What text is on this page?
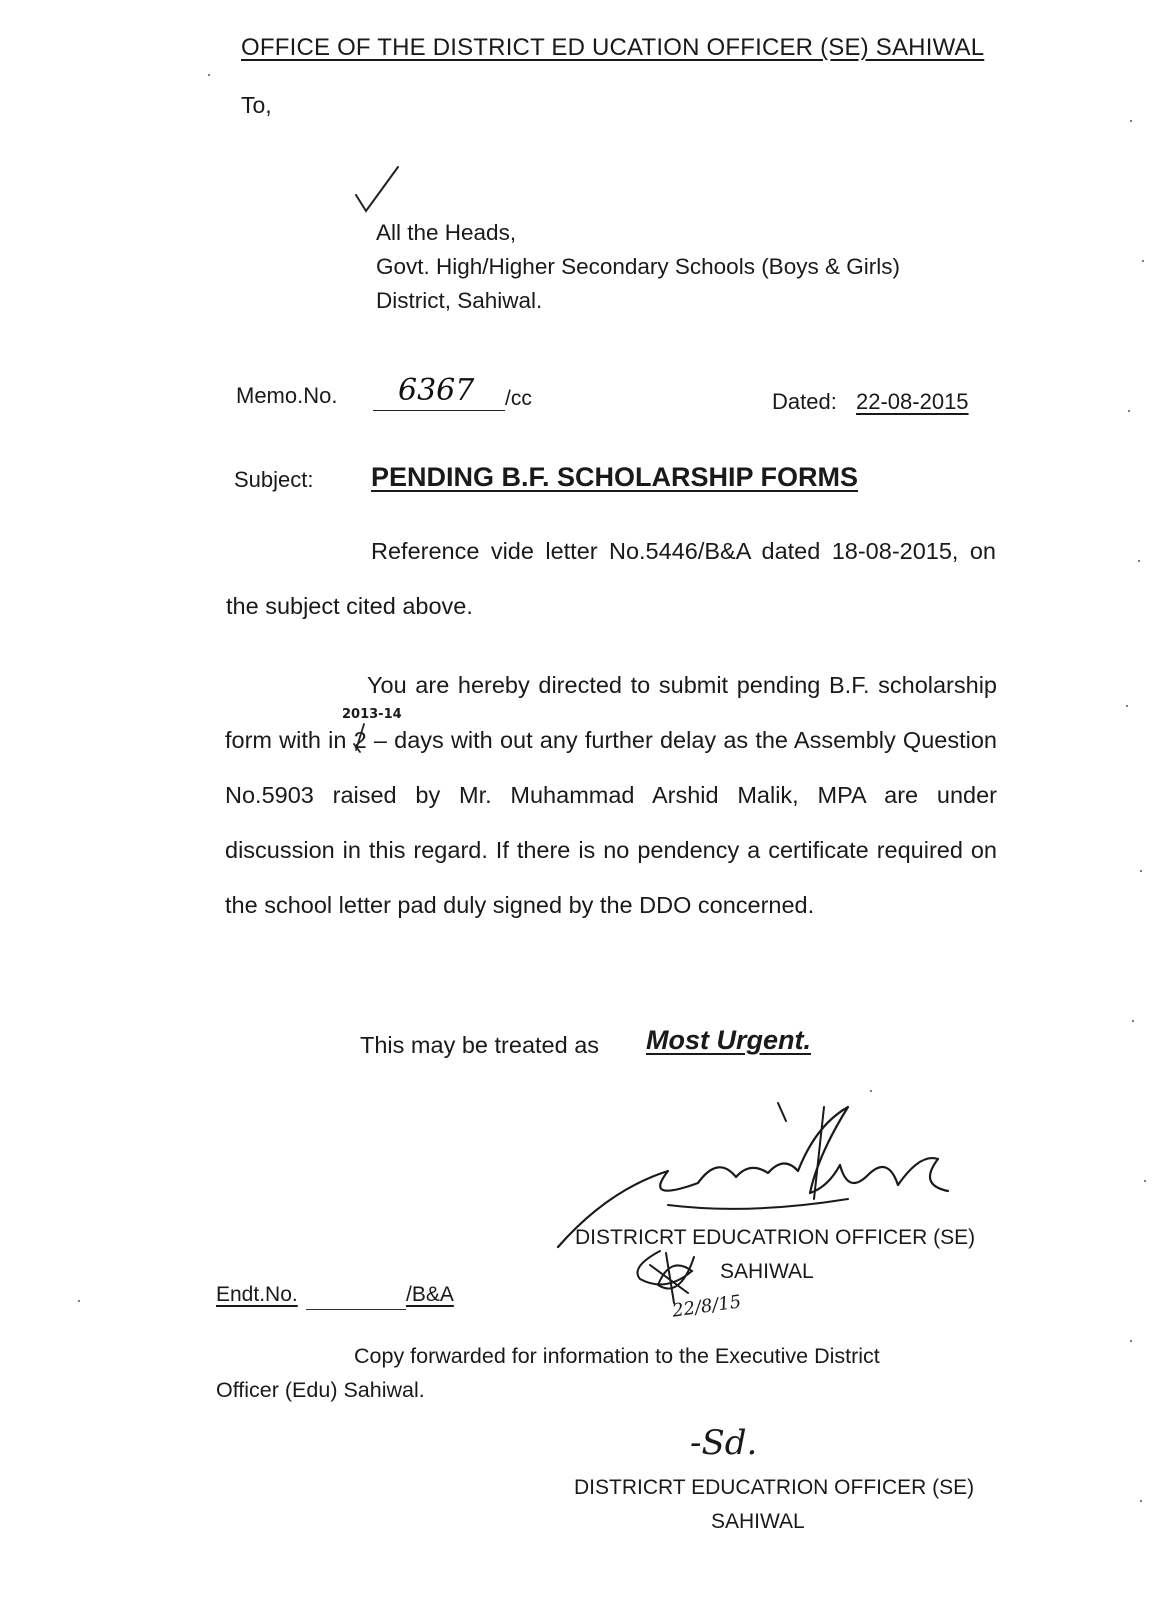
OFFICE OF THE DISTRICT ED UCATION OFFICER (SE) SAHIWAL
To,
All the Heads,
Govt. High/Higher Secondary Schools (Boys & Girls)
District, Sahiwal.
Memo.No. 6367 /cc	Dated: 22-08-2015
Subject: PENDING B.F. SCHOLARSHIP FORMS
Reference vide letter No.5446/B&A dated 18-08-2015, on the subject cited above.
You are hereby directed to submit pending B.F. scholarship form with in 2 – days with out any further delay as the Assembly Question No.5903 raised by Mr. Muhammad Arshid Malik, MPA are under discussion in this regard. If there is no pendency a certificate required on the school letter pad duly signed by the DDO concerned.
2013-14
This may be treated as Most Urgent.
DISTRICRT EDUCATRION OFFICER (SE)
SAHIWAL
22/8/15
Endt.No.	/B&A
Copy forwarded for information to the Executive District
Officer (Edu) Sahiwal.
-Sd.
DISTRICRT EDUCATRION OFFICER (SE)
SAHIWAL
